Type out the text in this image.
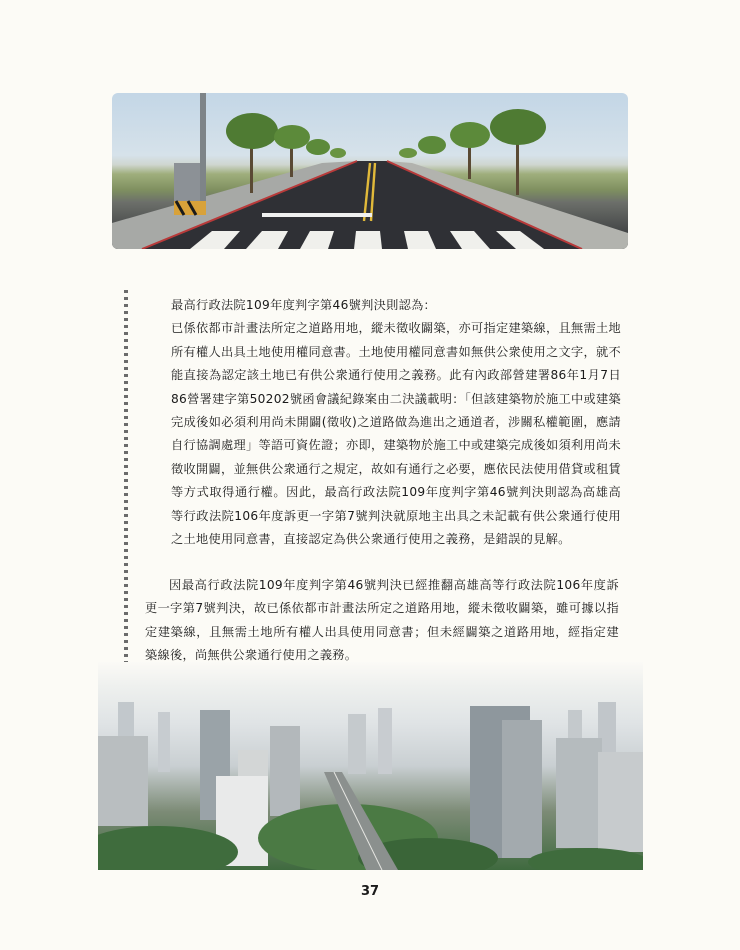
最高行政法院109年度判字第46號判決則認為：

已係依都市計畫法所定之道路用地，縱未徵收闢築，亦可指定建築線，且無需土地所有權人出具土地使用權同意書。土地使用權同意書如無供公衆使用之文字，就不能直接為認定該土地已有供公衆通行使用之義務。此有內政部營建署86年1月7日86營署建字第50202號函會議紀錄案由二決議載明：「但該建築物於施工中或建築完成後如必須利用尚未開闢(徵收)之道路做為進出之通道者，涉關私權範圍，應請自行協調處理」等語可資佐證；亦即，建築物於施工中或建築完成後如須利用尚未徵收開闢，並無供公衆通行之規定，故如有通行之必要，應依民法使用借貸或租賃等方式取得通行權。因此，最高行政法院109年度判字第46號判決則認為高雄高等行政法院106年度訴更一字第7號判決就原地主出具之未記載有供公衆通行使用之土地使用同意書，直接認定為供公衆通行使用之義務，是錯誤的見解。

因最高行政法院109年度判字第46號判決已經推翻高雄高等行政法院106年度訴更一字第7號判決，故已係依都市計畫法所定之道路用地，縱未徵收闢築，雖可據以指定建築線，且無需土地所有權人出具使用同意書；但未經闢築之道路用地，經指定建築線後，尚無供公衆通行使用之義務。

37
